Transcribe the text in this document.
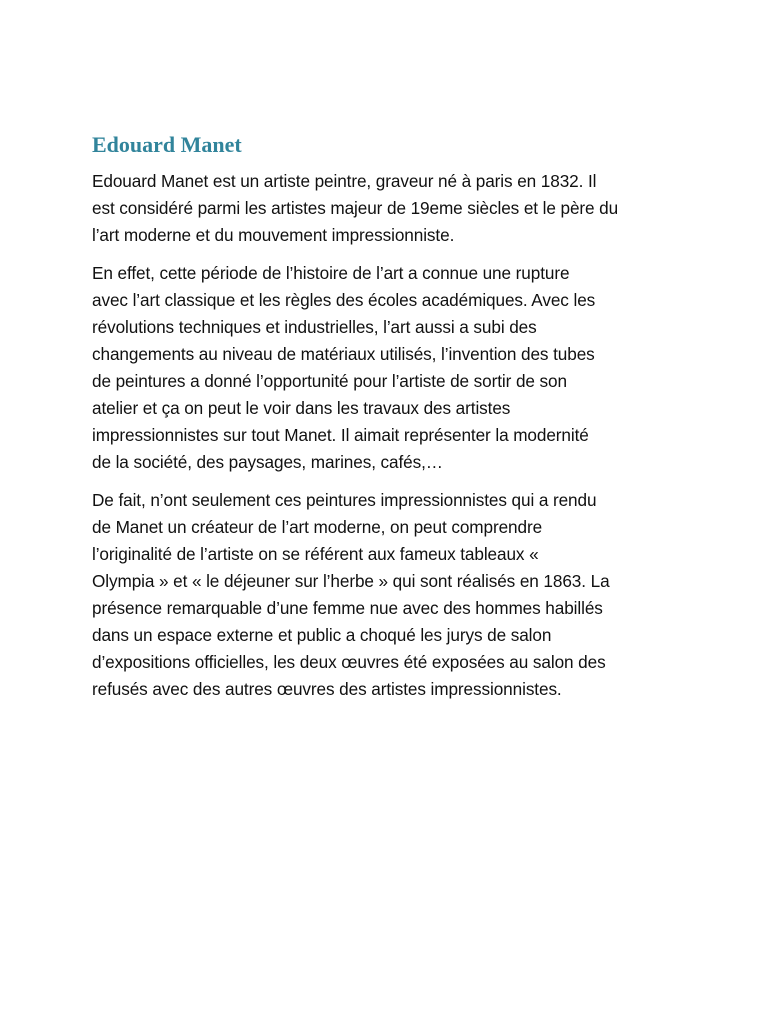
Edouard Manet

Edouard Manet est un artiste peintre, graveur né à paris en 1832. Il
est considéré parmi les artistes majeur de 19eme siècles et le père du
l’art moderne et du mouvement impressionniste.

En effet, cette période de l’histoire de l’art a connue une rupture
avec l’art classique et les règles des écoles académiques. Avec les
révolutions techniques et industrielles, l’art aussi a subi des
changements au niveau de matériaux utilisés, l’invention des tubes
de peintures a donné l’opportunité pour l’artiste de sortir de son
atelier et ça on peut le voir dans les travaux des artistes
impressionnistes sur tout Manet. Il aimait représenter la modernité
de la société, des paysages, marines, cafés,…

De fait, n’ont seulement ces peintures impressionnistes qui a rendu
de Manet un créateur de l’art moderne, on peut comprendre
l’originalité de l’artiste on se référent aux fameux tableaux «
Olympia » et « le déjeuner sur l’herbe » qui sont réalisés en 1863. La
présence remarquable d’une femme nue avec des hommes habillés
dans un espace externe et public a choqué les jurys de salon
d’expositions officielles, les deux œuvres été exposées au salon des
refusés avec des autres œuvres des artistes impressionnistes.
